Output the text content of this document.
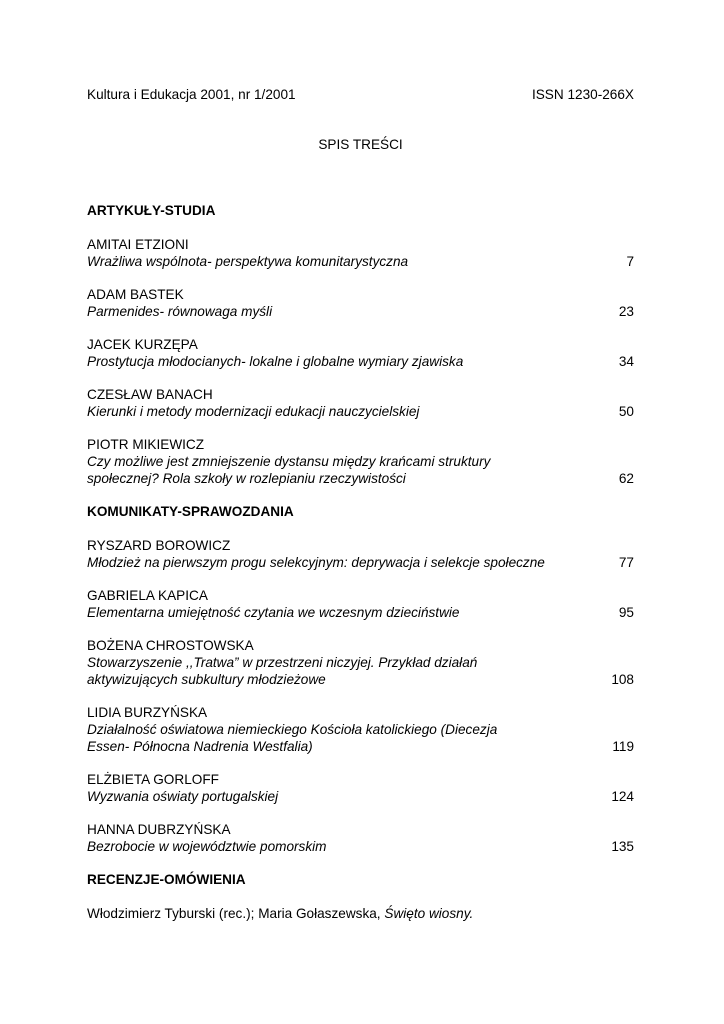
Kultura i Edukacja 2001, nr 1/2001	ISSN 1230-266X
SPIS TREŚCI
ARTYKUŁY-STUDIA
AMITAI ETZIONI
Wrażliwa wspólnota- perspektywa komunitarystyczna	7
ADAM BASTEK
Parmenides- równowaga myśli	23
JACEK KURZĘPA
Prostytucja młodocianych- lokalne i globalne wymiary zjawiska	34
CZESŁAW BANACH
Kierunki i metody modernizacji edukacji nauczycielskiej	50
PIOTR MIKIEWICZ
Czy możliwe jest zmniejszenie dystansu między krańcami struktury
społecznej? Rola szkoły w rozlepianiu rzeczywistości	62
KOMUNIKATY-SPRAWOZDANIA
RYSZARD BOROWICZ
Młodzież na pierwszym progu selekcyjnym: deprywacja i selekcje społeczne	77
GABRIELA KAPICA
Elementarna umiejętność czytania we wczesnym dzieciństwie	95
BOŻENA CHROSTOWSKA
Stowarzyszenie ,,Tratwa” w przestrzeni niczyjej. Przykład działań
aktywizujących subkultury młodzieżowe	108
LIDIA BURZYŃSKA
Działalność oświatowa niemieckiego Kościoła katolickiego (Diecezja
Essen- Północna Nadrenia Westfalia)	119
ELŻBIETA GORLOFF
Wyzwania oświaty portugalskiej	124
HANNA DUBRZYŃSKA
Bezrobocie w województwie pomorskim	135
RECENZJE-OMÓWIENIA
Włodzimierz Tyburski (rec.); Maria Gołaszewska, Święto wiosny.
